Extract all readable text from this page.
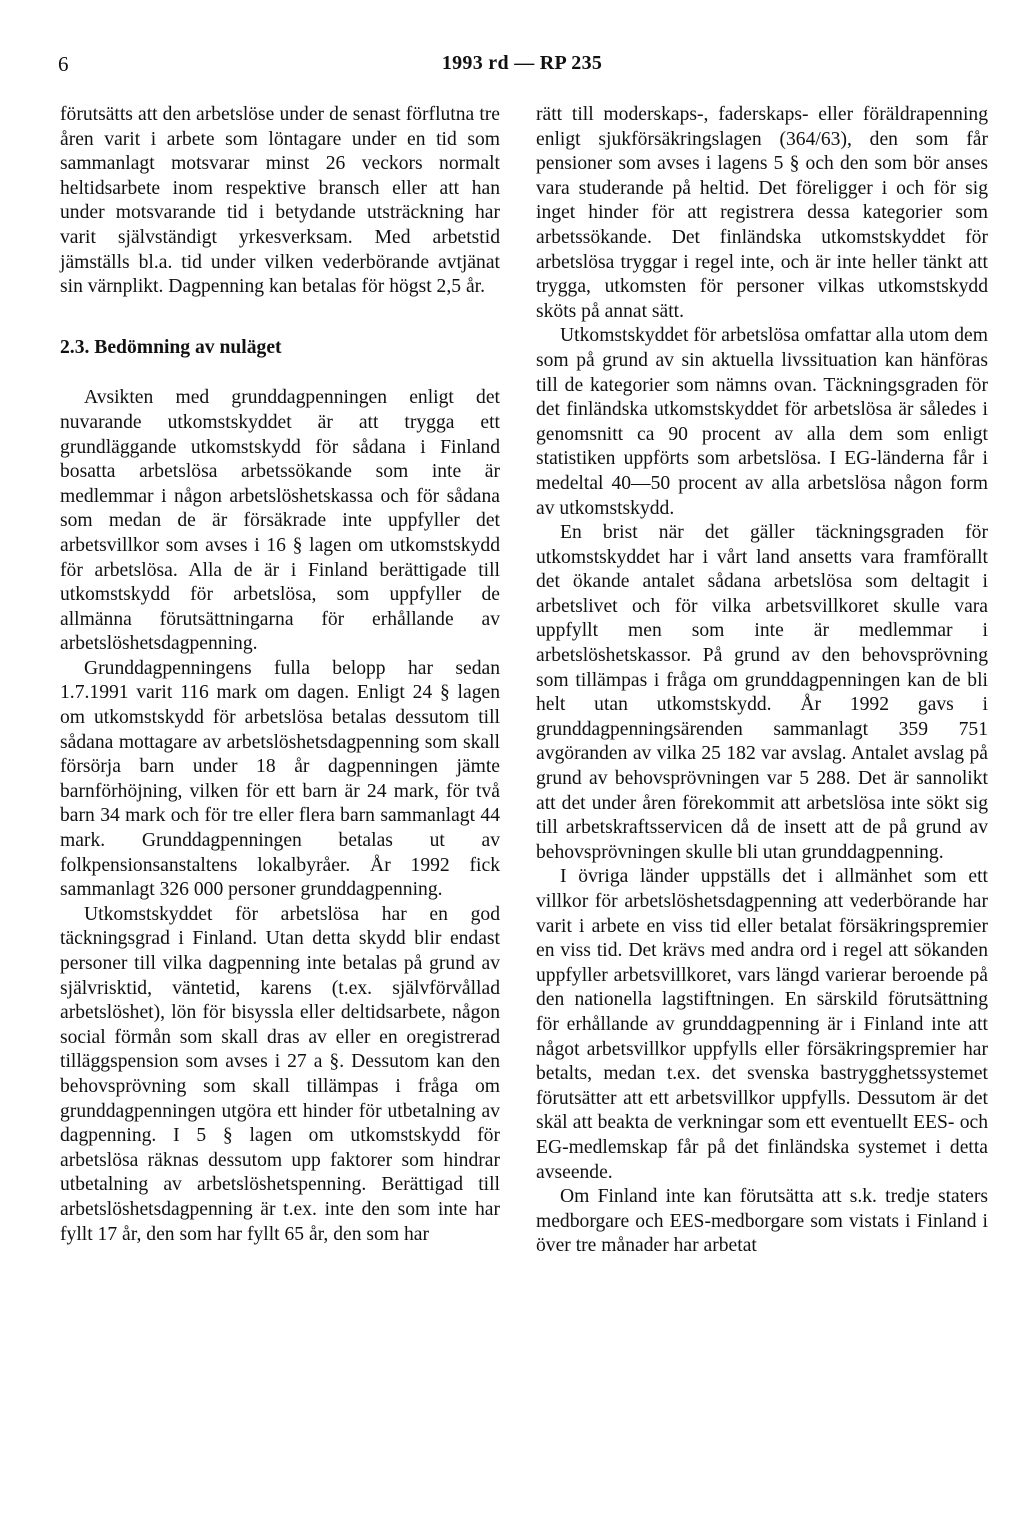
6	1993 rd — RP 235

förutsätts att den arbetslöse under de senast förflutna tre åren varit i arbete som löntagare under en tid som sammanlagt motsvarar minst 26 veckors normalt heltidsarbete inom respektive bransch eller att han under motsvarande tid i betydande utsträckning har varit självständigt yrkesverksam. Med arbetstid jämställs bl.a. tid under vilken vederbörande avtjänat sin värnplikt. Dagpenning kan betalas för högst 2,5 år.

2.3. Bedömning av nuläget

Avsikten med grunddagpenningen enligt det nuvarande utkomstskyddet är att trygga ett grundläggande utkomstskydd för sådana i Finland bosatta arbetslösa arbetssökande som inte är medlemmar i någon arbetslöshetskassa och för sådana som medan de är försäkrade inte uppfyller det arbetsvillkor som avses i 16 § lagen om utkomstskydd för arbetslösa. Alla de är i Finland berättigade till utkomstskydd för arbetslösa, som uppfyller de allmänna förutsättningarna för erhållande av arbetslöshetsdagpenning.

Grunddagpenningens fulla belopp har sedan 1.7.1991 varit 116 mark om dagen. Enligt 24 § lagen om utkomstskydd för arbetslösa betalas dessutom till sådana mottagare av arbetslöshetsdagpenning som skall försörja barn under 18 år dagpenningen jämte barnförhöjning, vilken för ett barn är 24 mark, för två barn 34 mark och för tre eller flera barn sammanlagt 44 mark. Grunddagpenningen betalas ut av folkpensionsanstaltens lokalbyråer. År 1992 fick sammanlagt 326 000 personer grunddagpenning.

Utkomstskyddet för arbetslösa har en god täckningsgrad i Finland. Utan detta skydd blir endast personer till vilka dagpenning inte betalas på grund av självrisktid, väntetid, karens (t.ex. självförvållad arbetslöshet), lön för bisyssla eller deltidsarbete, någon social förmån som skall dras av eller en oregistrerad tilläggspension som avses i 27 a §. Dessutom kan den behovsprövning som skall tillämpas i fråga om grunddagpenningen utgöra ett hinder för utbetalning av dagpenning. I 5 § lagen om utkomstskydd för arbetslösa räknas dessutom upp faktorer som hindrar utbetalning av arbetslöshetspenning. Berättigad till arbetslöshetsdagpenning är t.ex. inte den som inte har fyllt 17 år, den som har fyllt 65 år, den som har

rätt till moderskaps-, faderskaps- eller föräldrapenning enligt sjukförsäkringslagen (364/63), den som får pensioner som avses i lagens 5 § och den som bör anses vara studerande på heltid. Det föreligger i och för sig inget hinder för att registrera dessa kategorier som arbetssökande. Det finländska utkomstskyddet för arbetslösa tryggar i regel inte, och är inte heller tänkt att trygga, utkomsten för personer vilkas utkomstskydd sköts på annat sätt.

Utkomstskyddet för arbetslösa omfattar alla utom dem som på grund av sin aktuella livssituation kan hänföras till de kategorier som nämns ovan. Täckningsgraden för det finländska utkomstskyddet för arbetslösa är således i genomsnitt ca 90 procent av alla dem som enligt statistiken uppförts som arbetslösa. I EG-länderna får i medeltal 40—50 procent av alla arbetslösa någon form av utkomstskydd.

En brist när det gäller täckningsgraden för utkomstskyddet har i vårt land ansetts vara framförallt det ökande antalet sådana arbetslösa som deltagit i arbetslivet och för vilka arbetsvillkoret skulle vara uppfyllt men som inte är medlemmar i arbetslöshetskassor. På grund av den behovsprövning som tillämpas i fråga om grunddagpenningen kan de bli helt utan utkomstskydd. År 1992 gavs i grunddagpenningsärenden sammanlagt 359 751 avgöranden av vilka 25 182 var avslag. Antalet avslag på grund av behovsprövningen var 5 288. Det är sannolikt att det under åren förekommit att arbetslösa inte sökt sig till arbetskraftsservicen då de insett att de på grund av behovsprövningen skulle bli utan grunddagpenning.

I övriga länder uppställs det i allmänhet som ett villkor för arbetslöshetsdagpenning att vederbörande har varit i arbete en viss tid eller betalat försäkringspremier en viss tid. Det krävs med andra ord i regel att sökanden uppfyller arbetsvillkoret, vars längd varierar beroende på den nationella lagstiftningen. En särskild förutsättning för erhållande av grunddagpenning är i Finland inte att något arbetsvillkor uppfylls eller försäkringspremier har betalts, medan t.ex. det svenska bastrygghetssystemet förutsätter att ett arbetsvillkor uppfylls. Dessutom är det skäl att beakta de verkningar som ett eventuellt EES- och EG-medlemskap får på det finländska systemet i detta avseende.

Om Finland inte kan förutsätta att s.k. tredje staters medborgare och EES-medborgare som vistats i Finland i över tre månader har arbetat
